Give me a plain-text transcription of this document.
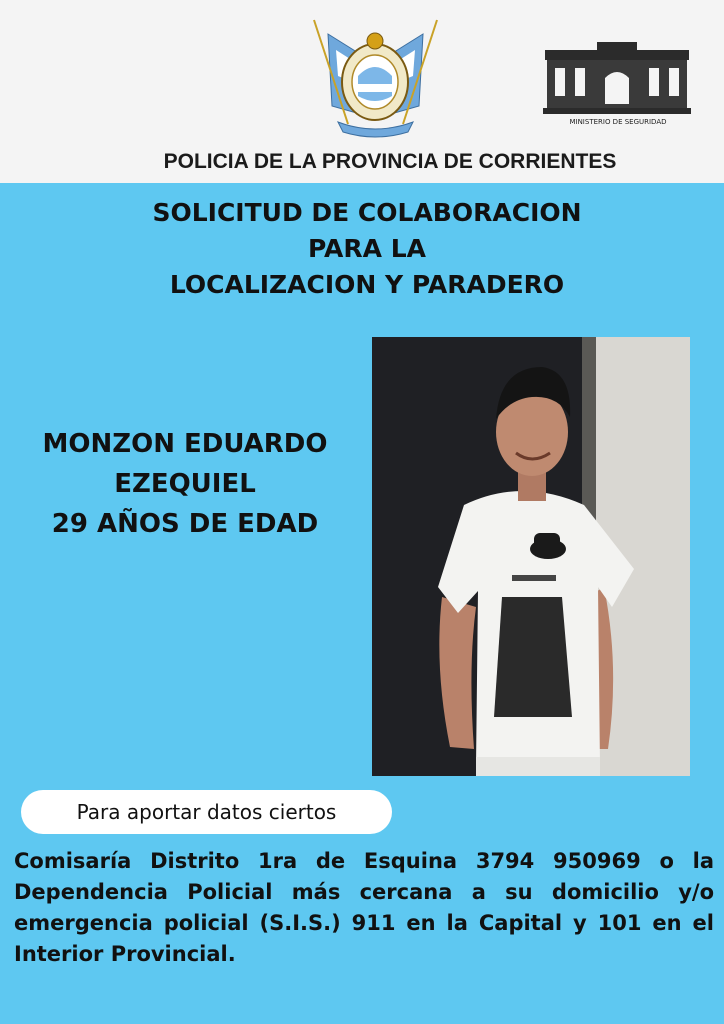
MINISTERIO DE SEGURIDAD
POLICIA DE LA PROVINCIA DE CORRIENTES
SOLICITUD DE COLABORACION
PARA LA
LOCALIZACION Y PARADERO
MONZON EDUARDO
EZEQUIEL
29 AÑOS DE EDAD
Para aportar datos ciertos
Comisaría Distrito 1ra de Esquina 3794 950969 o la Dependencia Policial más cercana a su domicilio y/o emergencia policial (S.I.S.) 911 en la Capital y 101 en el Interior Provincial.
